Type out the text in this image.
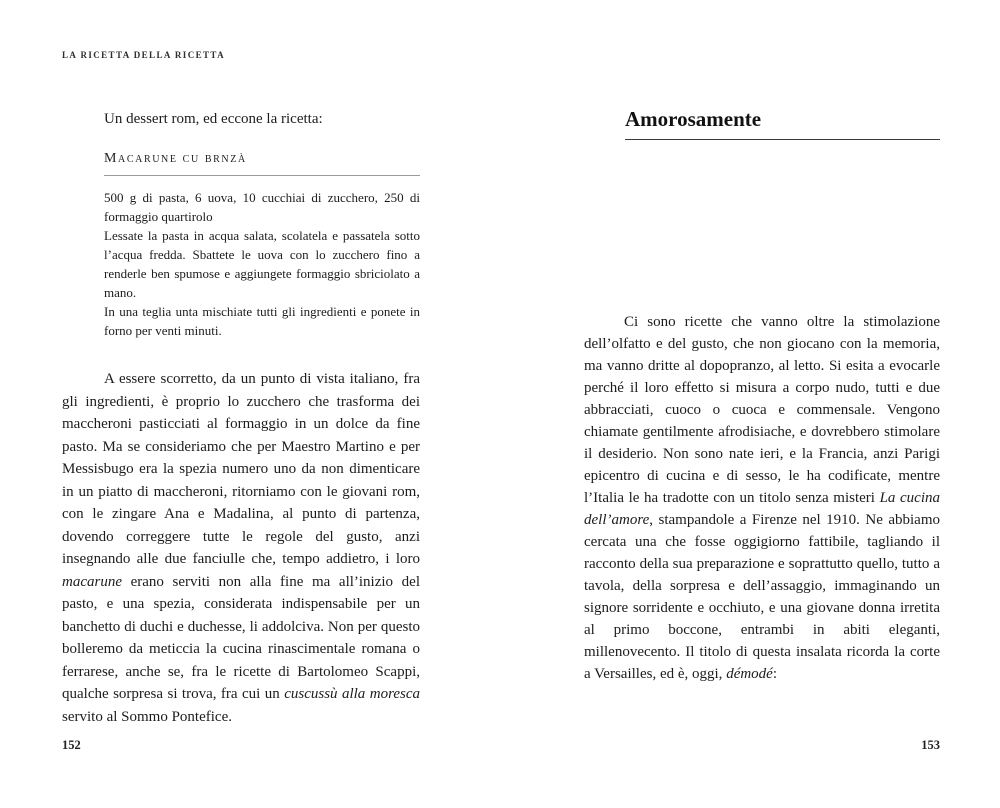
LA RICETTA DELLA RICETTA

Un dessert rom, ed eccone la ricetta:

Macarune cu brnzà
500 g di pasta, 6 uova, 10 cucchiai di zucchero, 250 di formaggio quartirolo
Lessate la pasta in acqua salata, scolatela e passatela sotto l’acqua fredda. Sbattete le uova con lo zucchero fino a renderle ben spumose e aggiungete formaggio sbriciolato a mano.
In una teglia unta mischiate tutti gli ingredienti e ponete in forno per venti minuti.

A essere scorretto, da un punto di vista italiano, fra gli ingredienti, è proprio lo zucchero che trasforma dei maccheroni pasticciati al formaggio in un dolce da fine pasto. Ma se consideriamo che per Maestro Martino e per Messisbugo era la spezia numero uno da non dimenticare in un piatto di maccheroni, ritorniamo con le giovani rom, con le zingare Ana e Madalina, al punto di partenza, dovendo correggere tutte le regole del gusto, anzi insegnando alle due fanciulle che, tempo addietro, i loro macarune erano serviti non alla fine ma all’inizio del pasto, e una spezia, considerata indispensabile per un banchetto di duchi e duchesse, li addolciva. Non per questo bolleremo da meticcia la cucina rinascimentale romana o ferrarese, anche se, fra le ricette di Bartolomeo Scappi, qualche sorpresa si trova, fra cui un cuscussù alla moresca servito al Sommo Pontefice.

152
Amorosamente

Ci sono ricette che vanno oltre la stimolazione dell’olfatto e del gusto, che non giocano con la memoria, ma vanno dritte al dopopranzo, al letto. Si esita a evocarle perché il loro effetto si misura a corpo nudo, tutti e due abbracciati, cuoco o cuoca e commensale. Vengono chiamate gentilmente afrodisiache, e dovrebbero stimolare il desiderio. Non sono nate ieri, e la Francia, anzi Parigi epicentro di cucina e di sesso, le ha codificate, mentre l’Italia le ha tradotte con un titolo senza misteri La cucina dell’amore, stampandole a Firenze nel 1910. Ne abbiamo cercata una che fosse oggigiorno fattibile, tagliando il racconto della sua preparazione e soprattutto quello, tutto a tavola, della sorpresa e dell’assaggio, immaginando un signore sorridente e occhiuto, e una giovane donna irretita al primo boccone, entrambi in abiti eleganti, millenovecento. Il titolo di questa insalata ricorda la corte a Versailles, ed è, oggi, démodé:

153
